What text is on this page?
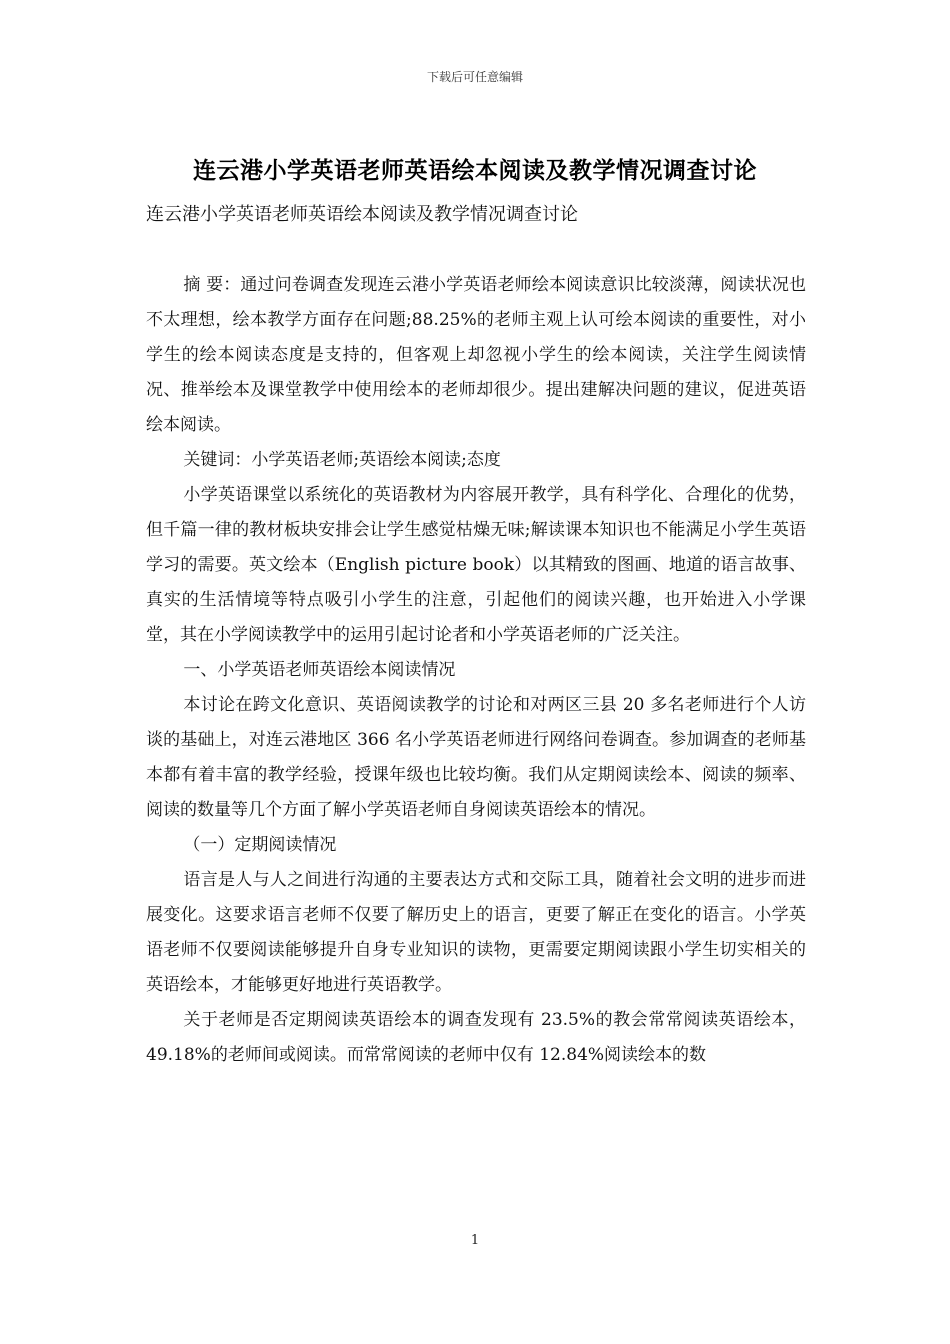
下载后可任意编辑
连云港小学英语老师英语绘本阅读及教学情况调查讨论
连云港小学英语老师英语绘本阅读及教学情况调查讨论

摘 要：通过问卷调查发现连云港小学英语老师绘本阅读意识比较淡薄，阅读状况也不太理想，绘本教学方面存在问题;88.25%的老师主观上认可绘本阅读的重要性，对小学生的绘本阅读态度是支持的，但客观上却忽视小学生的绘本阅读，关注学生阅读情况、推举绘本及课堂教学中使用绘本的老师却很少。提出建解决问题的建议，促进英语绘本阅读。

关键词：小学英语老师;英语绘本阅读;态度

小学英语课堂以系统化的英语教材为内容展开教学，具有科学化、合理化的优势，但千篇一律的教材板块安排会让学生感觉枯燥无味;解读课本知识也不能满足小学生英语学习的需要。英文绘本（English picture book）以其精致的图画、地道的语言故事、真实的生活情境等特点吸引小学生的注意，引起他们的阅读兴趣，也开始进入小学课堂，其在小学阅读教学中的运用引起讨论者和小学英语老师的广泛关注。

一、小学英语老师英语绘本阅读情况

本讨论在跨文化意识、英语阅读教学的讨论和对两区三县 20 多名老师进行个人访谈的基础上，对连云港地区 366 名小学英语老师进行网络问卷调查。参加调查的老师基本都有着丰富的教学经验，授课年级也比较均衡。我们从定期阅读绘本、阅读的频率、阅读的数量等几个方面了解小学英语老师自身阅读英语绘本的情况。

（一）定期阅读情况

语言是人与人之间进行沟通的主要表达方式和交际工具，随着社会文明的进步而进展变化。这要求语言老师不仅要了解历史上的语言，更要了解正在变化的语言。小学英语老师不仅要阅读能够提升自身专业知识的读物，更需要定期阅读跟小学生切实相关的英语绘本，才能够更好地进行英语教学。

关于老师是否定期阅读英语绘本的调查发现有 23.5%的教会常常阅读英语绘本，49.18%的老师间或阅读。而常常阅读的老师中仅有 12.84%阅读绘本的数

1
